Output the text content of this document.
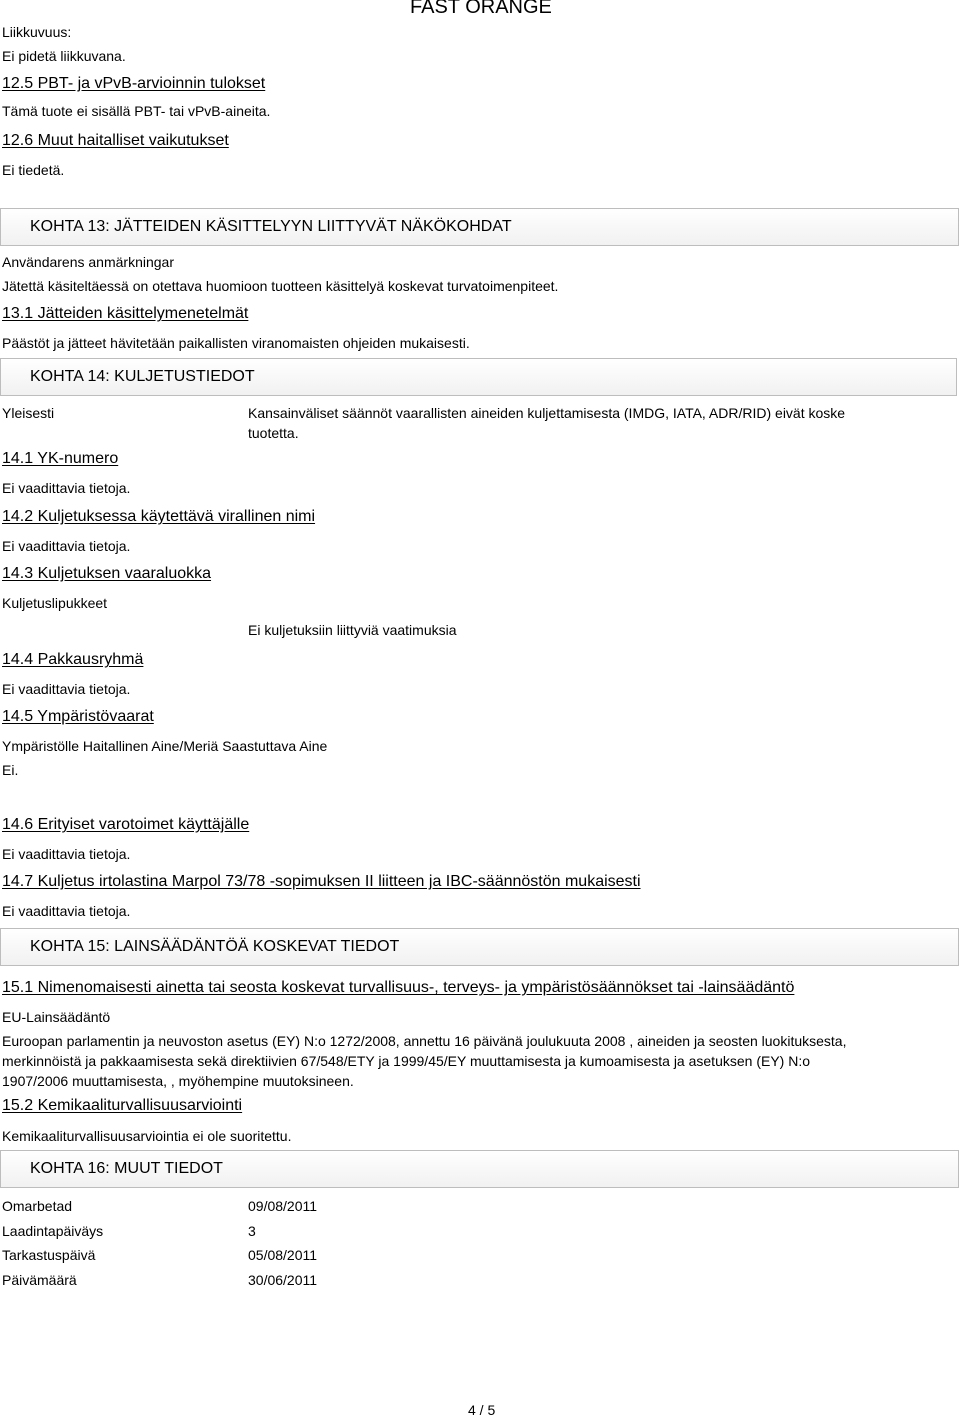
FAST ORANGE
Liikkuvuus:
Ei pidetä liikkuvana.
12.5 PBT- ja vPvB-arvioinnin tulokset
Tämä tuote ei sisällä PBT- tai vPvB-aineita.
12.6 Muut haitalliset vaikutukset
Ei tiedetä.
KOHTA 13: JÄTTEIDEN KÄSITTELYYN LIITTYVÄT NÄKÖKOHDAT
Användarens anmärkningar
Jätettä käsiteltäessä on otettava huomioon tuotteen käsittelyä koskevat turvatoimenpiteet.
13.1 Jätteiden käsittelymenetelmät
Päästöt ja jätteet hävitetään paikallisten viranomaisten ohjeiden mukaisesti.
KOHTA 14: KULJETUSTIEDOT
Yleisesti	Kansainväliset säännöt vaarallisten aineiden kuljettamisesta (IMDG, IATA, ADR/RID) eivät koske
tuotetta.
14.1 YK-numero
Ei vaadittavia tietoja.
14.2 Kuljetuksessa käytettävä virallinen nimi
Ei vaadittavia tietoja.
14.3 Kuljetuksen vaaraluokka
Kuljetuslipukkeet
Ei kuljetuksiin liittyviä vaatimuksia
14.4 Pakkausryhmä
Ei vaadittavia tietoja.
14.5 Ympäristövaarat
Ympäristölle Haitallinen Aine/Meriä Saastuttava Aine
Ei.
14.6 Erityiset varotoimet käyttäjälle
Ei vaadittavia tietoja.
14.7 Kuljetus irtolastina Marpol 73/78 -sopimuksen II liitteen ja IBC-säännöstön mukaisesti
Ei vaadittavia tietoja.
KOHTA 15: LAINSÄÄDÄNTÖÄ KOSKEVAT TIEDOT
15.1 Nimenomaisesti ainetta tai seosta koskevat turvallisuus-, terveys- ja ympäristösäännökset tai -lainsäädäntö
EU-Lainsäädäntö
Euroopan parlamentin ja neuvoston asetus (EY) N:o 1272/2008, annettu 16 päivänä joulukuuta 2008 , aineiden ja seosten luokituksesta,
merkinnöistä ja pakkaamisesta sekä direktiivien 67/548/ETY ja 1999/45/EY muuttamisesta ja kumoamisesta ja asetuksen (EY) N:o
1907/2006 muuttamisesta, , myöhempine muutoksineen.
15.2 Kemikaaliturvallisuusarviointi
Kemikaaliturvallisuusarviointia ei ole suoritettu.
KOHTA 16: MUUT TIEDOT
Omarbetad	09/08/2011
Laadintapäiväys	3
Tarkastuspäivä	05/08/2011
Päivämäärä	30/06/2011
4 / 5
